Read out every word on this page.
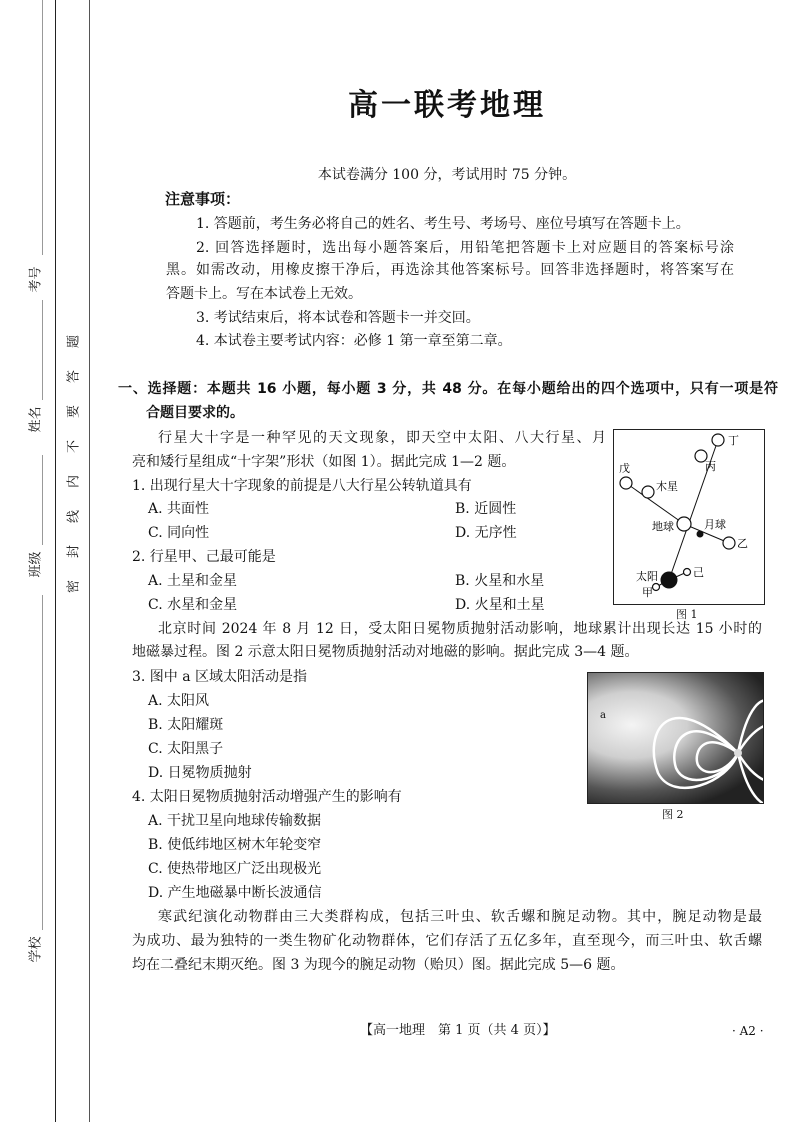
考号
姓名
班级
学校
题
答
要
不
内
线
封
密
高一联考地理
本试卷满分 100 分，考试用时 75 分钟。
注意事项：
1. 答题前，考生务必将自己的姓名、考生号、考场号、座位号填写在答题卡上。
2. 回答选择题时，选出每小题答案后，用铅笔把答题卡上对应题目的答案标号涂
黑。如需改动，用橡皮擦干净后，再选涂其他答案标号。回答非选择题时，将答案写在
答题卡上。写在本试卷上无效。
3. 考试结束后，将本试卷和答题卡一并交回。
4. 本试卷主要考试内容：必修 1 第一章至第二章。
一、选择题：本题共 16 小题，每小题 3 分，共 48 分。在每小题给出的四个选项中，只有一项是符
合题目要求的。
行星大十字是一种罕见的天文现象，即天空中太阳、八大行星、月
亮和矮行星组成“十字架”形状（如图 1）。据此完成 1—2 题。
1. 出现行星大十字现象的前提是八大行星公转轨道具有
A. 共面性	B. 近圆性
C. 同向性	D. 无序性
2. 行星甲、己最可能是
A. 土星和金星	B. 火星和水星
C. 水星和金星	D. 火星和土星
丁
丙
戊
木星
地球	月球
乙
太阳	己
甲
图 1
北京时间 2024 年 8 月 12 日，受太阳日冕物质抛射活动影响，地球累计出现长达 15 小时的
地磁暴过程。图 2 示意太阳日冕物质抛射活动对地磁的影响。据此完成 3—4 题。
3. 图中 a 区域太阳活动是指
A. 太阳风
B. 太阳耀斑
C. 太阳黑子
D. 日冕物质抛射
a
图 2
4. 太阳日冕物质抛射活动增强产生的影响有
A. 干扰卫星向地球传输数据
B. 使低纬地区树木年轮变窄
C. 使热带地区广泛出现极光
D. 产生地磁暴中断长波通信
寒武纪演化动物群由三大类群构成，包括三叶虫、软舌螺和腕足动物。其中，腕足动物是最
为成功、最为独特的一类生物矿化动物群体，它们存活了五亿多年，直至现今，而三叶虫、软舌螺
均在二叠纪末期灭绝。图 3 为现今的腕足动物（贻贝）图。据此完成 5—6 题。
【高一地理　第 1 页（共 4 页）】	· A2 ·
